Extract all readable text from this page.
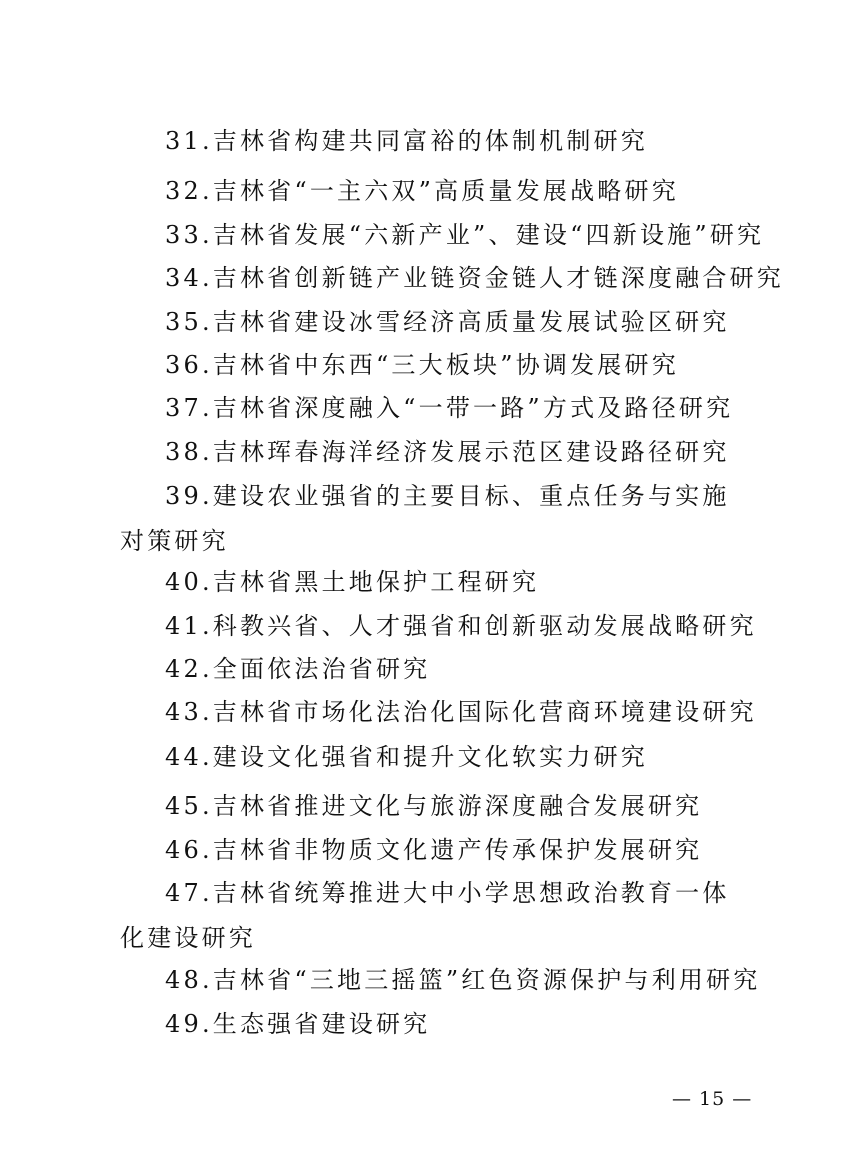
31.吉林省构建共同富裕的体制机制研究

32.吉林省“一主六双”高质量发展战略研究

33.吉林省发展“六新产业”、建设“四新设施”研究

34.吉林省创新链产业链资金链人才链深度融合研究

35.吉林省建设冰雪经济高质量发展试验区研究

36.吉林省中东西“三大板块”协调发展研究

37.吉林省深度融入“一带一路”方式及路径研究

38.吉林珲春海洋经济发展示范区建设路径研究

39.建设农业强省的主要目标、重点任务与实施对策研究

40.吉林省黑土地保护工程研究

41.科教兴省、人才强省和创新驱动发展战略研究

42.全面依法治省研究

43.吉林省市场化法治化国际化营商环境建设研究

44.建设文化强省和提升文化软实力研究

45.吉林省推进文化与旅游深度融合发展研究

46.吉林省非物质文化遗产传承保护发展研究

47.吉林省统筹推进大中小学思想政治教育一体化建设研究

48.吉林省“三地三摇篮”红色资源保护与利用研究

49.生态强省建设研究

— 15 —
